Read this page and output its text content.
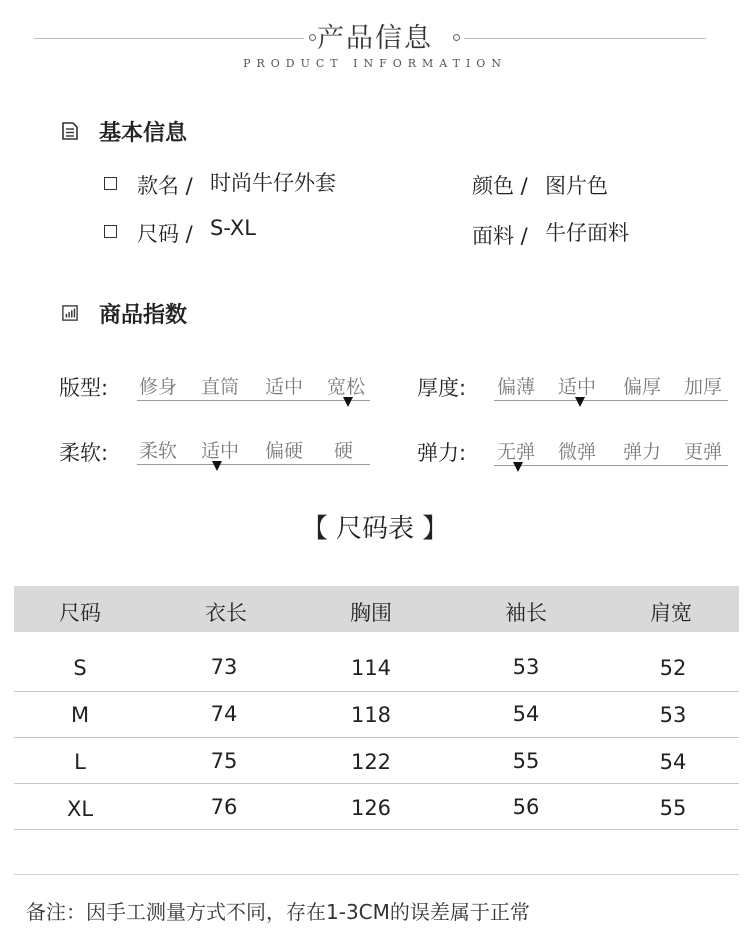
产品信息
PRODUCT INFORMATION
基本信息
款名 / 时尚牛仔外套	颜色 / 图片色
尺码 / S-XL	面料 / 牛仔面料
商品指数
版型: 修身 直筒 适中 宽松 厚度: 偏薄 适中 偏厚 加厚
柔软: 柔软 适中 偏硬 硬	弹力: 无弹 微弹 弹力 更弹
【 尺码表 】
尺码	衣长	胸围	袖长	肩宽
S	73	114	53	52
M	74	118	54	53
L	75	122	55	54
XL	76	126	56	55
备注：因手工测量方式不同，存在1-3CM的误差属于正常
